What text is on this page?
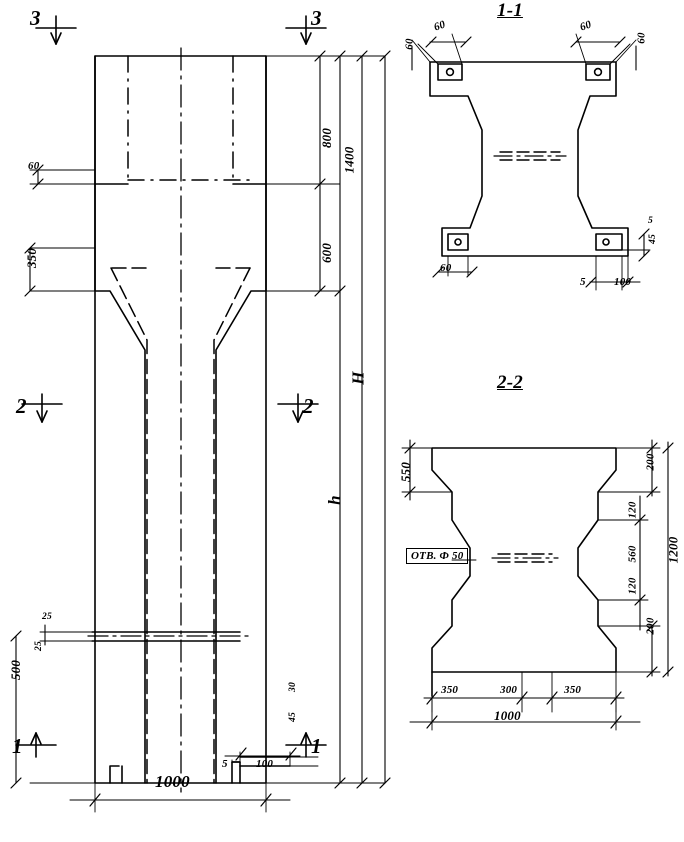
3	3
2	2
1	1
1-1
2-2
800
600
1400
h
H
60
350
500
25
25
1000
5	100
30
45
60
60
60
60
60
5	100
5
45
550
1200
200
120
560
120
200
350	300	350
1000
ОТВ. Ф 50
